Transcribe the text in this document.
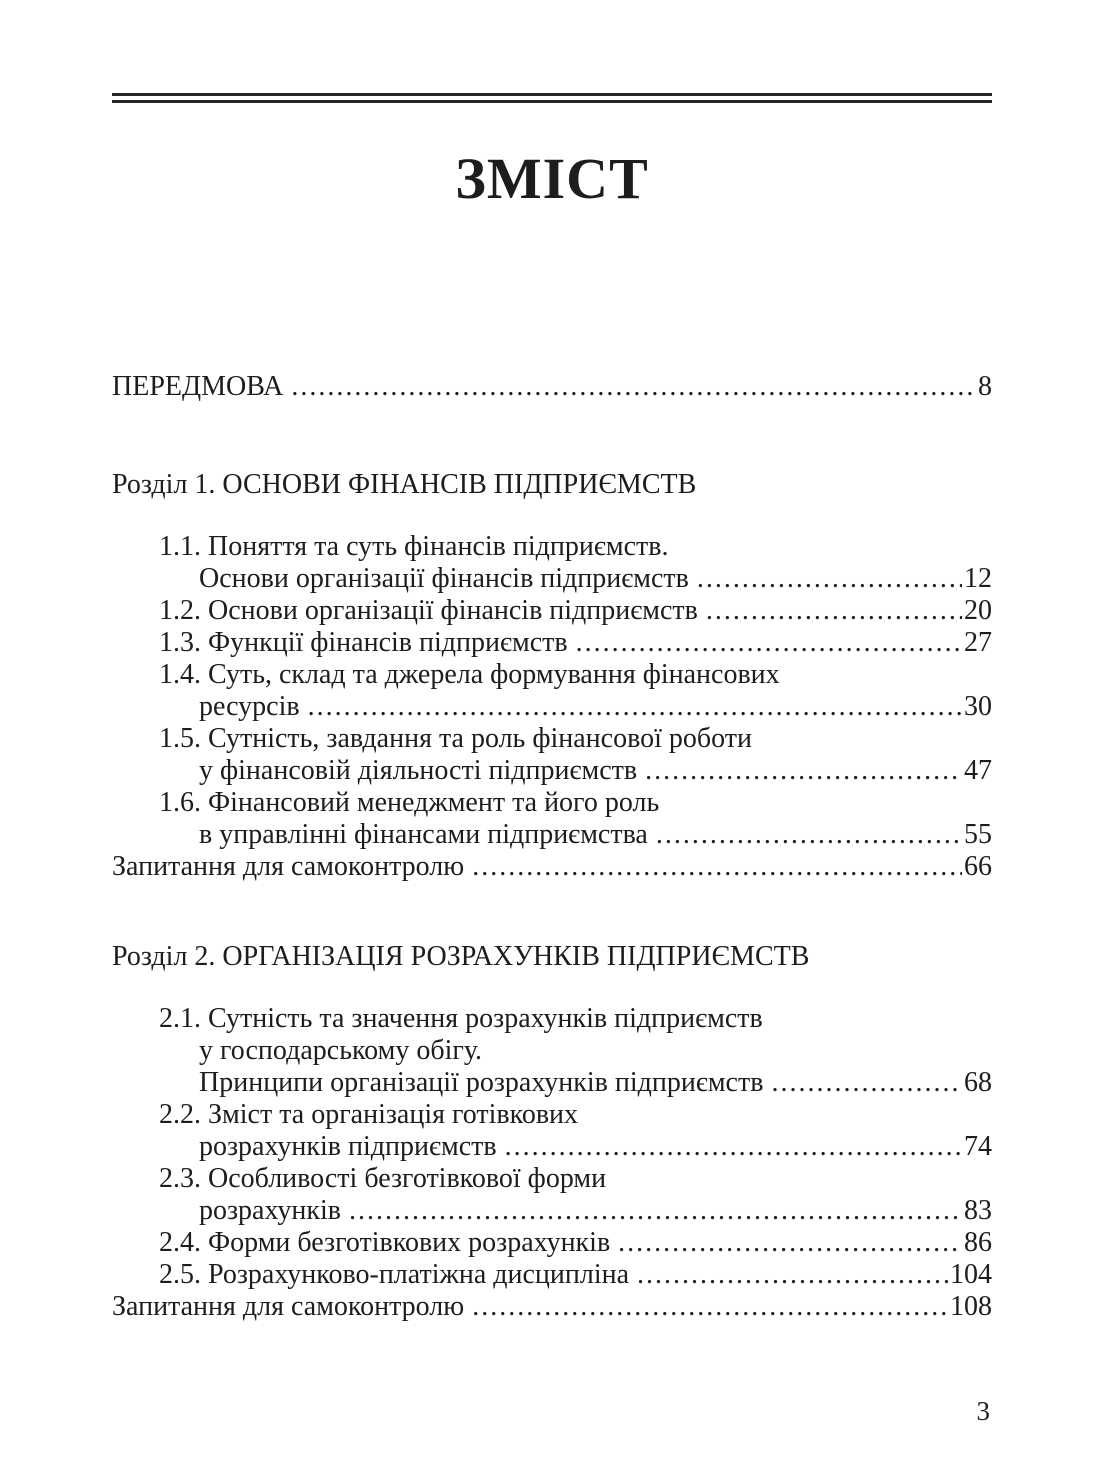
ЗМІСТ
ПЕРЕДМОВА .....	8
Розділ 1. ОСНОВИ ФІНАНСІВ ПІДПРИЄМСТВ
1.1. Поняття та суть фінансів підприємств.
Основи організації фінансів підприємств .....	12
1.2. Основи організації фінансів підприємств .....	20
1.3. Функції фінансів підприємств .....	27
1.4. Суть, склад та джерела формування фінансових
ресурсів .....	30
1.5. Сутність, завдання та роль фінансової роботи
у фінансовій діяльності підприємств .....	47
1.6. Фінансовий менеджмент та його роль
в управлінні фінансами підприємства .....	55
Запитання для самоконтролю .....	66
Розділ 2. ОРГАНІЗАЦІЯ РОЗРАХУНКІВ ПІДПРИЄМСТВ
2.1. Сутність та значення розрахунків підприємств
у господарському обігу.
Принципи організації розрахунків підприємств .....	68
2.2. Зміст та організація готівкових
розрахунків підприємств .....	74
2.3. Особливості безготівкової форми
розрахунків .....	83
2.4. Форми безготівкових розрахунків .....	86
2.5. Розрахунково-платіжна дисципліна .....	104
Запитання для самоконтролю .....	108
3
